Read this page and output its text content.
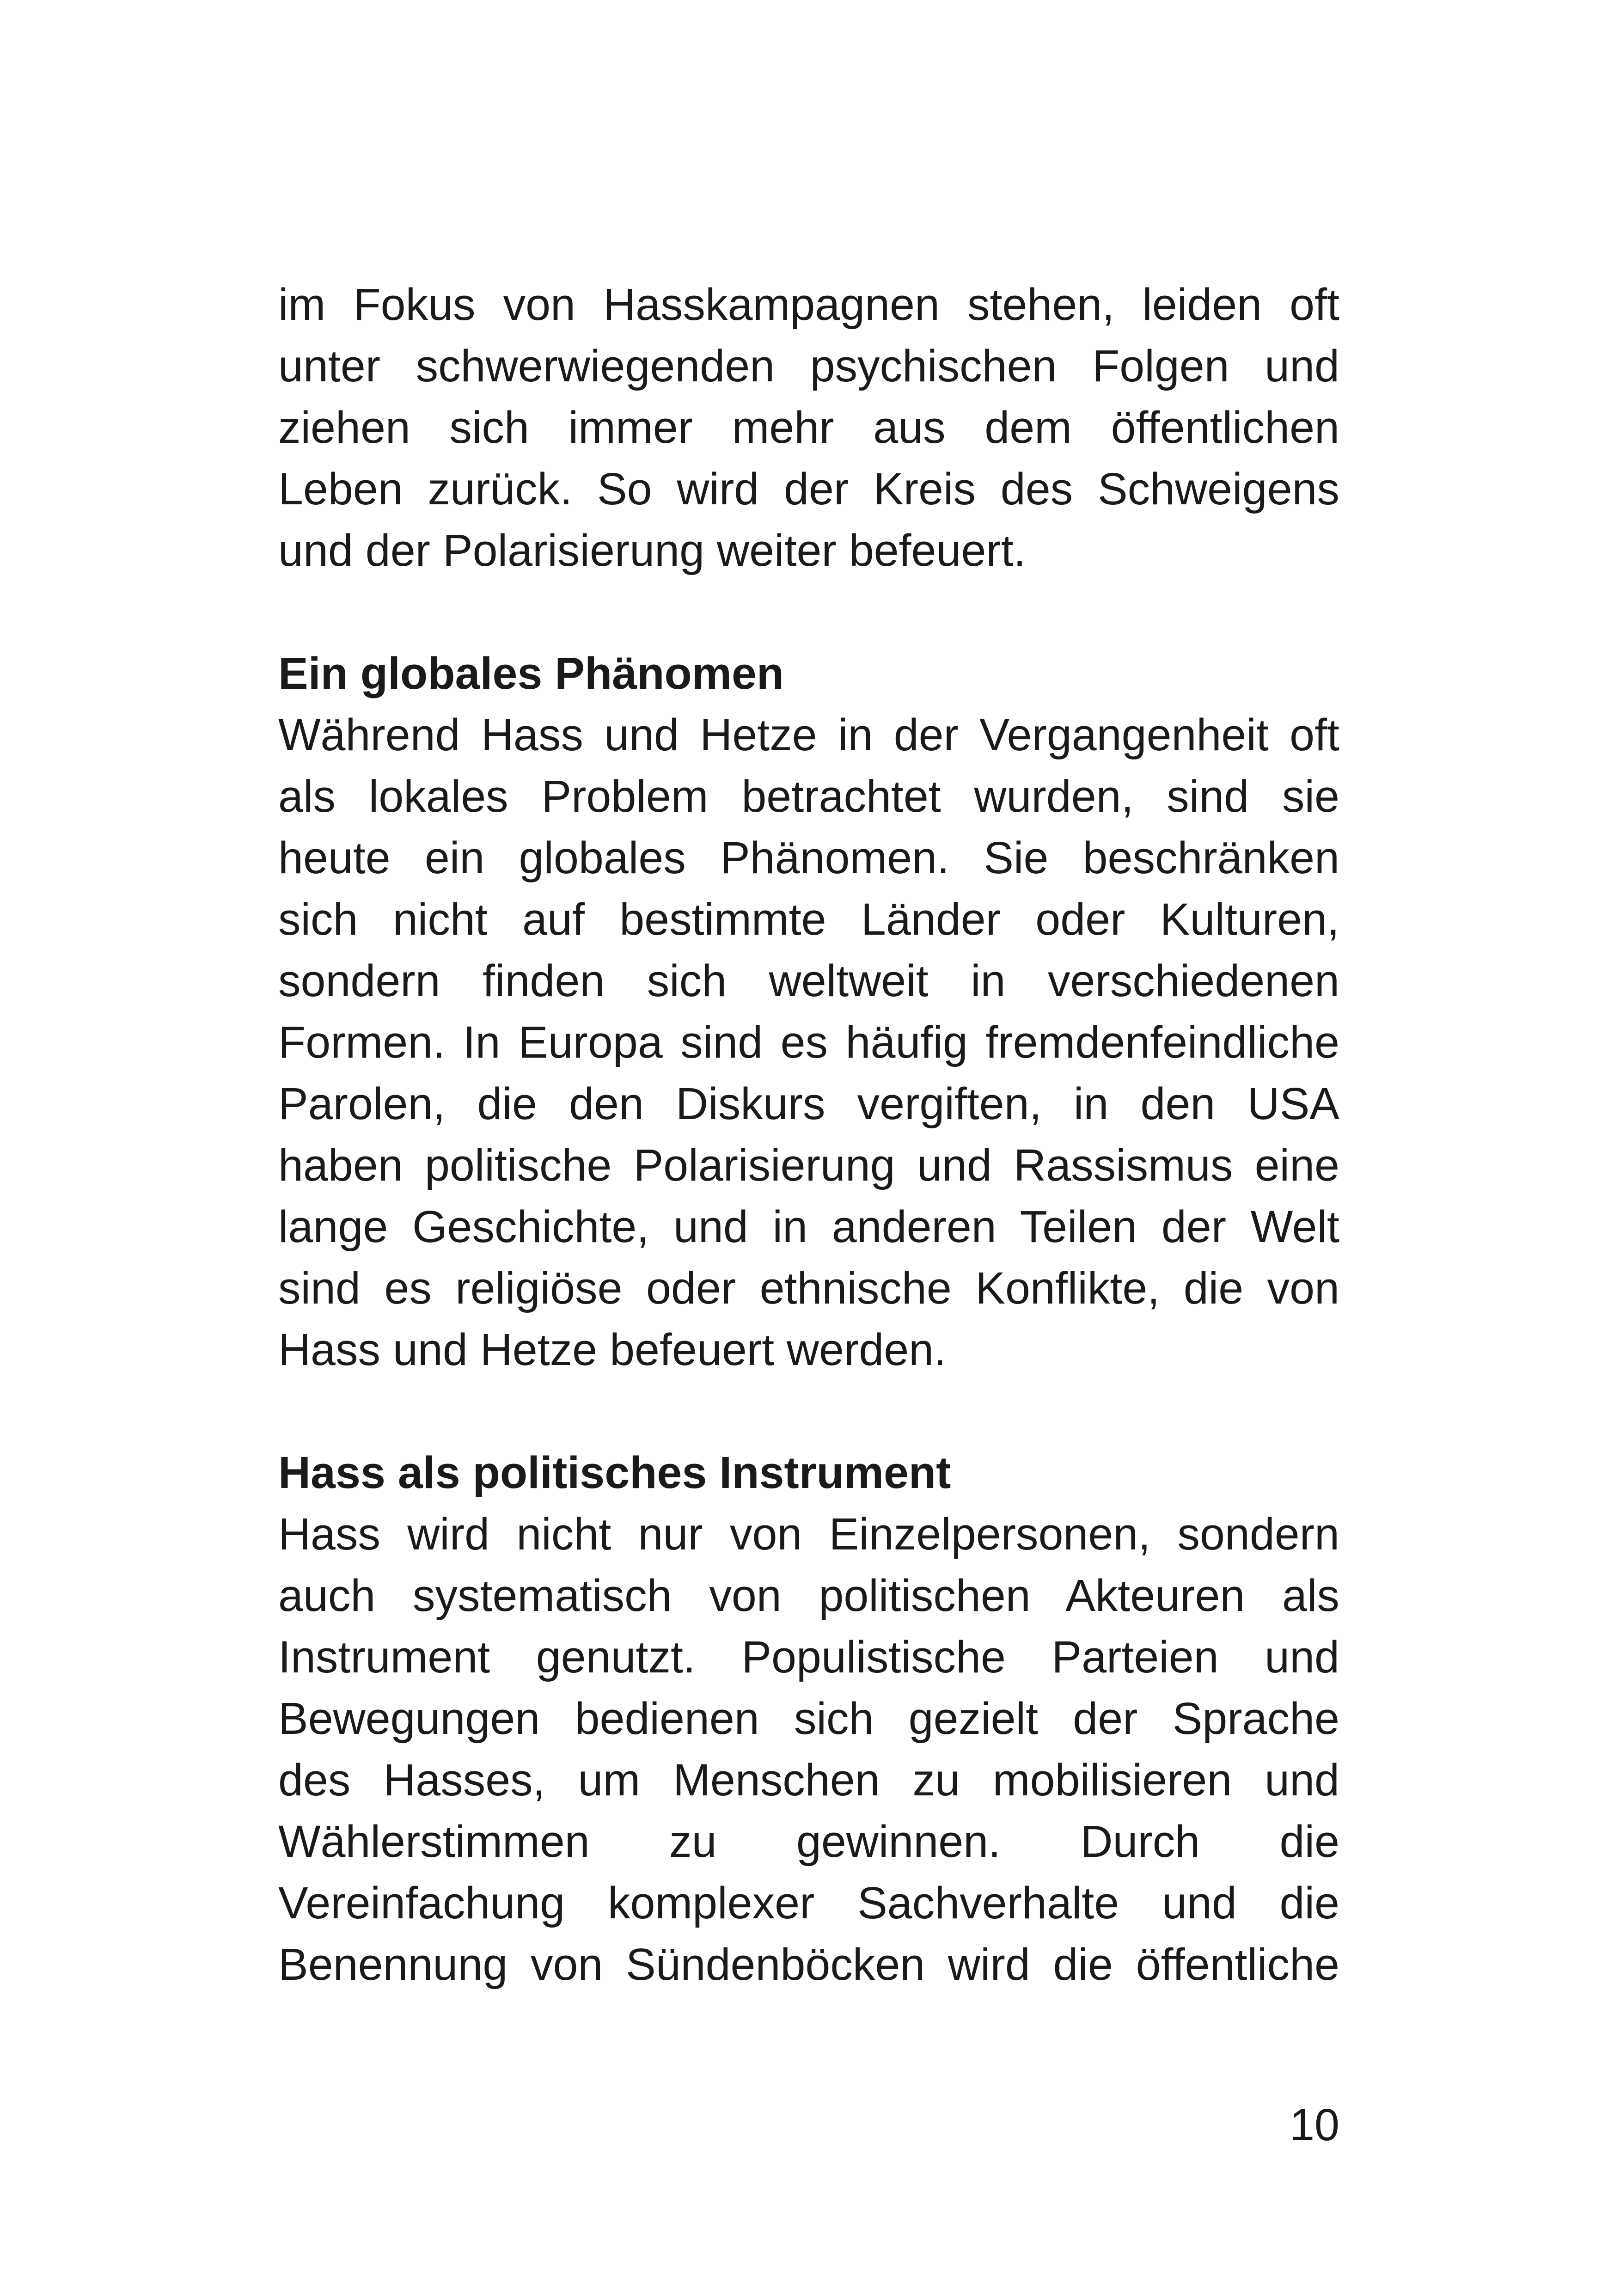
im Fokus von Hasskampagnen stehen, leiden oft
unter schwerwiegenden psychischen Folgen und
ziehen sich immer mehr aus dem öffentlichen
Leben zurück. So wird der Kreis des Schweigens
und der Polarisierung weiter befeuert.
Ein globales Phänomen
Während Hass und Hetze in der Vergangenheit oft
als lokales Problem betrachtet wurden, sind sie
heute ein globales Phänomen. Sie beschränken
sich nicht auf bestimmte Länder oder Kulturen,
sondern finden sich weltweit in verschiedenen
Formen. In Europa sind es häufig fremdenfeindliche
Parolen, die den Diskurs vergiften, in den USA
haben politische Polarisierung und Rassismus eine
lange Geschichte, und in anderen Teilen der Welt
sind es religiöse oder ethnische Konflikte, die von
Hass und Hetze befeuert werden.
Hass als politisches Instrument
Hass wird nicht nur von Einzelpersonen, sondern
auch systematisch von politischen Akteuren als
Instrument genutzt. Populistische Parteien und
Bewegungen bedienen sich gezielt der Sprache
des Hasses, um Menschen zu mobilisieren und
Wählerstimmen zu gewinnen. Durch die
Vereinfachung komplexer Sachverhalte und die
Benennung von Sündenböcken wird die öffentliche
10
